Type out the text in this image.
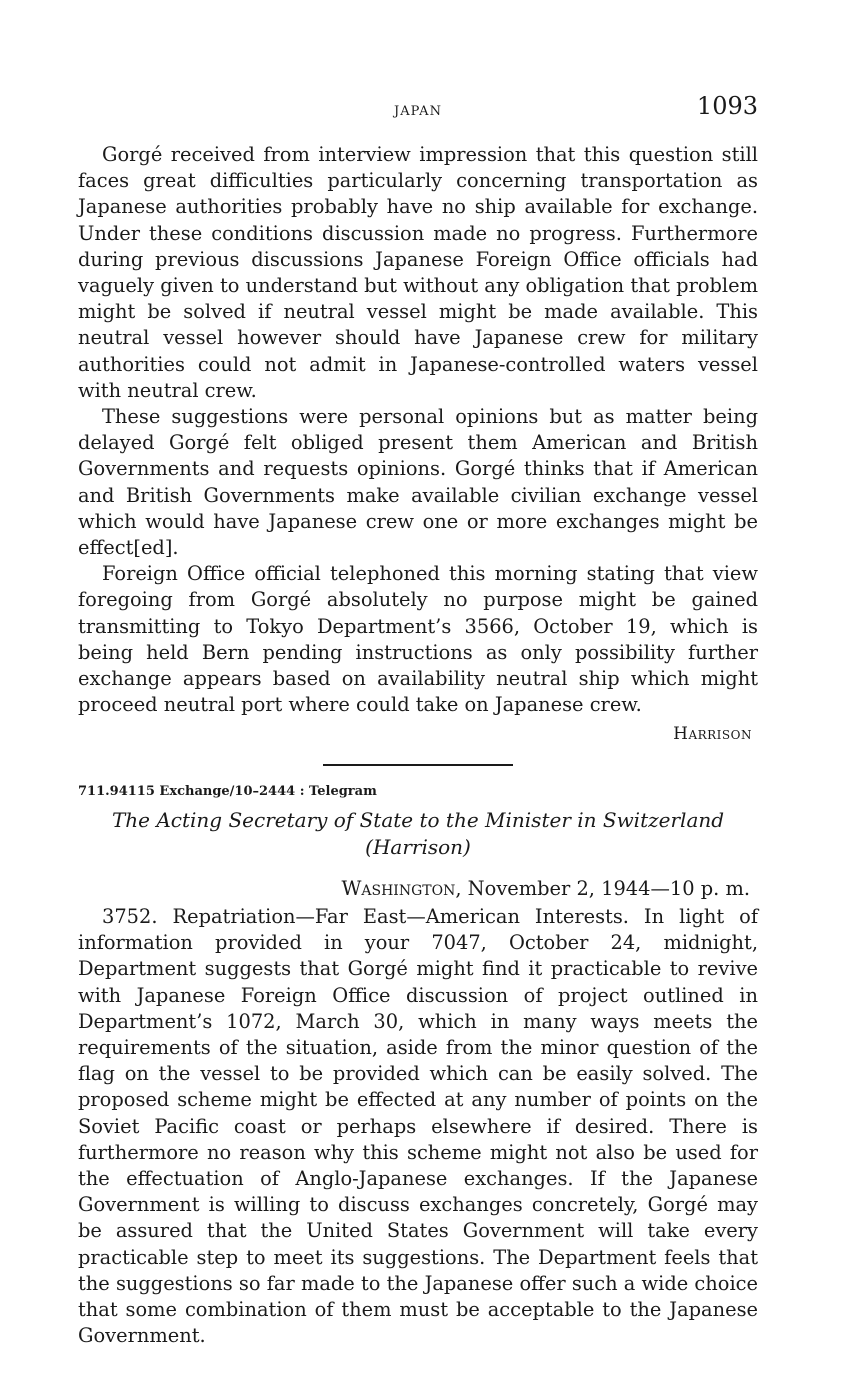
JAPAN	1093

Gorgé received from interview impression that this question still faces great difficulties particularly concerning transportation as Japanese authorities probably have no ship available for exchange. Under these conditions discussion made no progress. Furthermore during previous discussions Japanese Foreign Office officials had vaguely given to understand but without any obligation that problem might be solved if neutral vessel might be made available. This neutral vessel however should have Japanese crew for military authorities could not admit in Japanese-controlled waters vessel with neutral crew.

These suggestions were personal opinions but as matter being delayed Gorgé felt obliged present them American and British Governments and requests opinions. Gorgé thinks that if American and British Governments make available civilian exchange vessel which would have Japanese crew one or more exchanges might be effect[ed].

Foreign Office official telephoned this morning stating that view foregoing from Gorgé absolutely no purpose might be gained transmitting to Tokyo Department’s 3566, October 19, which is being held Bern pending instructions as only possibility further exchange appears based on availability neutral ship which might proceed neutral port where could take on Japanese crew.

Harrison
711.94115 Exchange/10–2444 : Telegram
The Acting Secretary of State to the Minister in Switzerland (Harrison)
Washington, November 2, 1944—10 p. m.

3752. Repatriation—Far East—American Interests. In light of information provided in your 7047, October 24, midnight, Department suggests that Gorgé might find it practicable to revive with Japanese Foreign Office discussion of project outlined in Department’s 1072, March 30, which in many ways meets the requirements of the situation, aside from the minor question of the flag on the vessel to be provided which can be easily solved. The proposed scheme might be effected at any number of points on the Soviet Pacific coast or perhaps elsewhere if desired. There is furthermore no reason why this scheme might not also be used for the effectuation of Anglo-Japanese exchanges. If the Japanese Government is willing to discuss exchanges concretely, Gorgé may be assured that the United States Government will take every practicable step to meet its suggestions. The Department feels that the suggestions so far made to the Japanese offer such a wide choice that some combination of them must be acceptable to the Japanese Government.
